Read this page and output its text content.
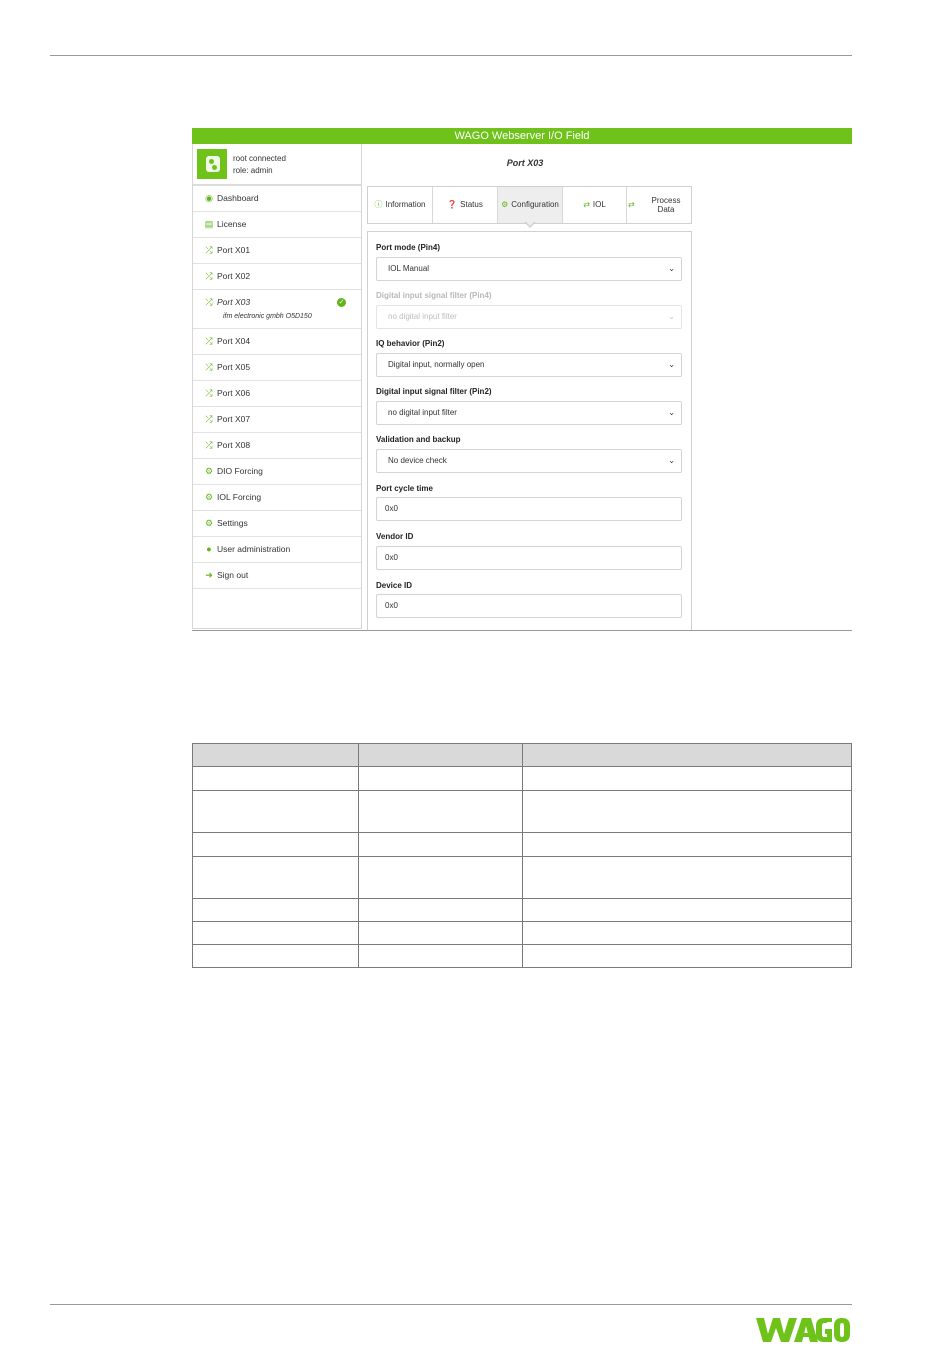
WAGO Webserver I/O Field
root connected
role: admin
◉ Dashboard
▤ License
⤮ Port X01
⤮ Port X02
⤮ Port X03	✓
ifm electronic gmbh O5D150
⤮ Port X04
⤮ Port X05
⤮ Port X06
⤮ Port X07
⤮ Port X08
⚙ DIO Forcing
⚙ IOL Forcing
⚙ Settings
● User administration
➜ Sign out
Port X03
ⓘ Information	❓ Status	⚙ Configuration	⇄ IOL	⇄	Process Data
Port mode (Pin4)
IOL Manual	⌄
Digital input signal filter (Pin4)
no digital input filter	⌄
IQ behavior (Pin2)
Digital input, normally open	⌄
Digital input signal filter (Pin2)
no digital input filter	⌄
Validation and backup
No device check	⌄
Port cycle time
0x0
Vendor ID
0x0
Device ID
0x0
